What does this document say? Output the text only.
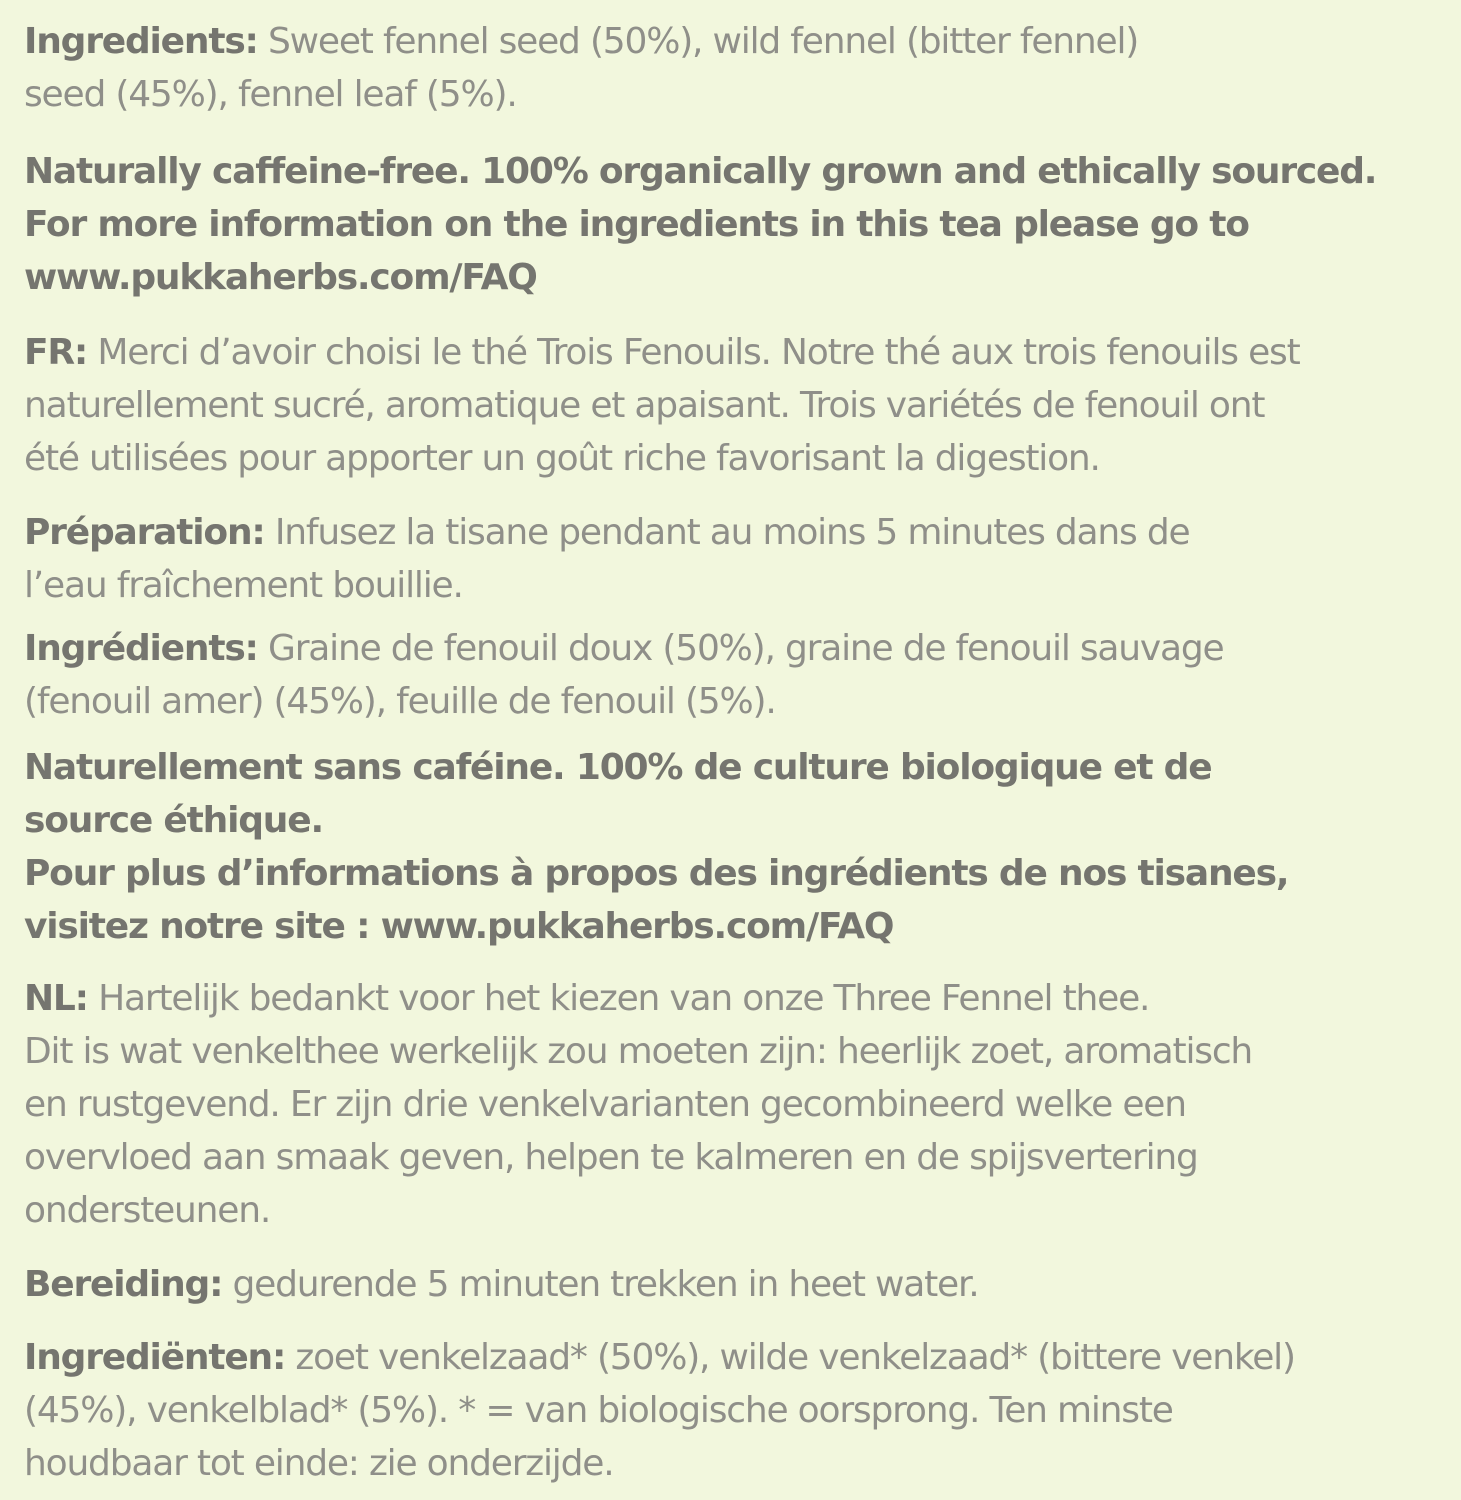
Ingredients: Sweet fennel seed (50%), wild fennel (bitter fennel)
seed (45%), fennel leaf (5%).

Naturally caffeine-free. 100% organically grown and ethically sourced.
For more information on the ingredients in this tea please go to
www.pukkaherbs.com/FAQ

FR: Merci d’avoir choisi le thé Trois Fenouils. Notre thé aux trois fenouils est
naturellement sucré, aromatique et apaisant. Trois variétés de fenouil ont
été utilisées pour apporter un goût riche favorisant la digestion.

Préparation: Infusez la tisane pendant au moins 5 minutes dans de
l’eau fraîchement bouillie.

Ingrédients: Graine de fenouil doux (50%), graine de fenouil sauvage
(fenouil amer) (45%), feuille de fenouil (5%).

Naturellement sans caféine. 100% de culture biologique et de
source éthique.
Pour plus d’informations à propos des ingrédients de nos tisanes,
visitez notre site : www.pukkaherbs.com/FAQ

NL: Hartelijk bedankt voor het kiezen van onze Three Fennel thee.
Dit is wat venkelthee werkelijk zou moeten zijn: heerlijk zoet, aromatisch
en rustgevend. Er zijn drie venkelvarianten gecombineerd welke een
overvloed aan smaak geven, helpen te kalmeren en de spijsvertering
ondersteunen.

Bereiding: gedurende 5 minuten trekken in heet water.

Ingrediënten: zoet venkelzaad* (50%), wilde venkelzaad* (bittere venkel)
(45%), venkelblad* (5%). * = van biologische oorsprong. Ten minste
houdbaar tot einde: zie onderzijde.
